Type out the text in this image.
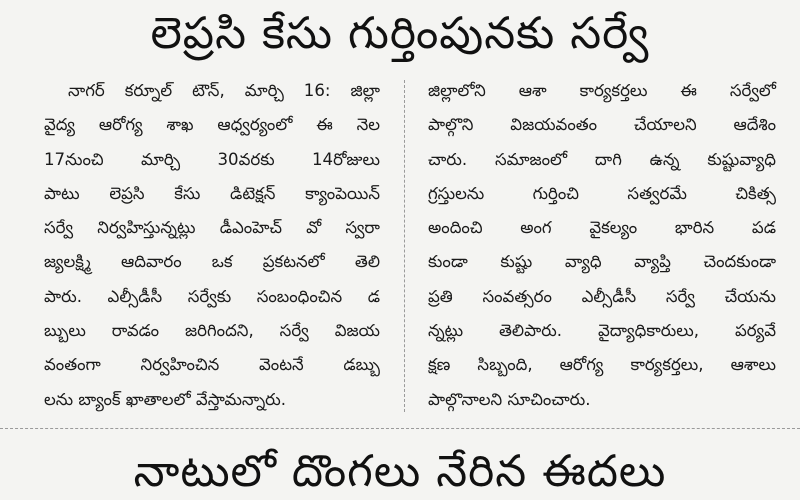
లెప్రసి కేసు గుర్తింపునకు సర్వే
నాగర్ కర్నూల్ టౌన్, మార్చి 16: జిల్లా
వైద్య ఆరోగ్య శాఖ ఆధ్వర్యంలో ఈ నెల
17నుంచి మార్చి 30వరకు 14రోజులు
పాటు లెప్రసి కేసు డిటెక్షన్ క్యాంపెయిన్
సర్వే నిర్వహిస్తున్నట్లు డీఎంహెచ్ వో స్వరా
జ్యలక్ష్మి ఆదివారం ఒక ప్రకటనలో తెలి
పారు. ఎల్సీడీసీ సర్వేకు సంబంధించిన డ
బ్బులు రావడం జరిగిందని, సర్వే విజయ
వంతంగా నిర్వహించిన వెంటనే డబ్బు
లను బ్యాంక్ ఖాతాలలో వేస్తామన్నారు.
జిల్లాలోని ఆశా కార్యకర్తలు ఈ సర్వేలో
పాల్గొని విజయవంతం చేయాలని ఆదేశిం
చారు. సమాజంలో దాగి ఉన్న కుష్టువ్యాధి
గ్రస్తులను గుర్తించి సత్వరమే చికిత్స
అందించి అంగ వైకల్యం భారిన పడ
కుండా కుష్టు వ్యాధి వ్యాప్తి చెందకుండా
ప్రతి సంవత్సరం ఎల్సీడీసీ సర్వే చేయను
న్నట్లు తెలిపారు. వైద్యాధికారులు, పర్యవే
క్షణ సిబ్బంది, ఆరోగ్య కార్యకర్తలు, ఆశాలు
పాల్గొనాలని సూచించారు.
నాటులో దొంగలు నేరిన ఈదలు
